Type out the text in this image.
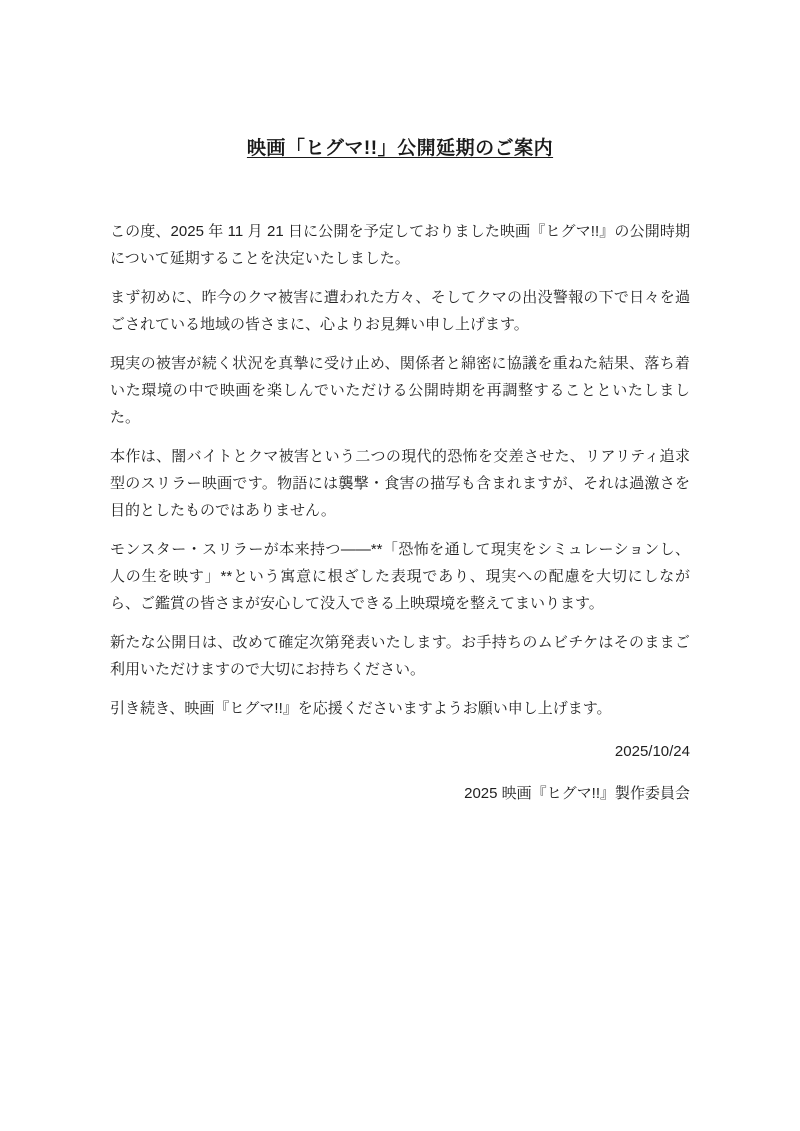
映画「ヒグマ!!」公開延期のご案内

この度、2025 年 11 月 21 日に公開を予定しておりました映画『ヒグマ!!』の公開時期について延期することを決定いたしました。

まず初めに、昨今のクマ被害に遭われた方々、そしてクマの出没警報の下で日々を過ごされている地域の皆さまに、心よりお見舞い申し上げます。

現実の被害が続く状況を真摯に受け止め、関係者と綿密に協議を重ねた結果、落ち着いた環境の中で映画を楽しんでいただける公開時期を再調整することといたしました。

本作は、闇バイトとクマ被害という二つの現代的恐怖を交差させた、リアリティ追求型のスリラー映画です。物語には襲撃・食害の描写も含まれますが、それは過激さを目的としたものではありません。

モンスター・スリラーが本来持つ――**「恐怖を通して現実をシミュレーションし、人の生を映す」**という寓意に根ざした表現であり、現実への配慮を大切にしながら、ご鑑賞の皆さまが安心して没入できる上映環境を整えてまいります。

新たな公開日は、改めて確定次第発表いたします。お手持ちのムビチケはそのままご利用いただけますので大切にお持ちください。

引き続き、映画『ヒグマ!!』を応援くださいますようお願い申し上げます。

2025/10/24

2025 映画『ヒグマ!!』製作委員会
